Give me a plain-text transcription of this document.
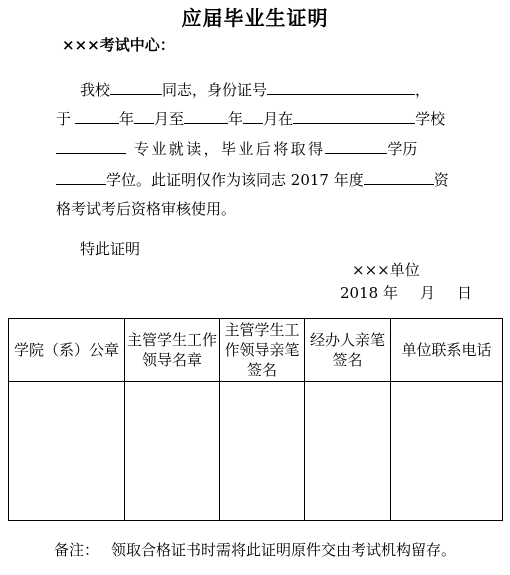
应届毕业生证明
×××考试中心：
我校	同志，身份证号	，
于	年 月至	年 月在	学校
专业就读，毕业后将取得	学历
学位。此证明仅作为该同志 2017 年度	资
格考试考后资格审核使用。
特此证明
×××单位
2018 年 月 日
学院（系）公章	主管学生工作领导名章	主管学生工作领导亲笔签名	经办人亲笔签名	单位联系电话

备注： 领取合格证书时需将此证明原件交由考试机构留存。
